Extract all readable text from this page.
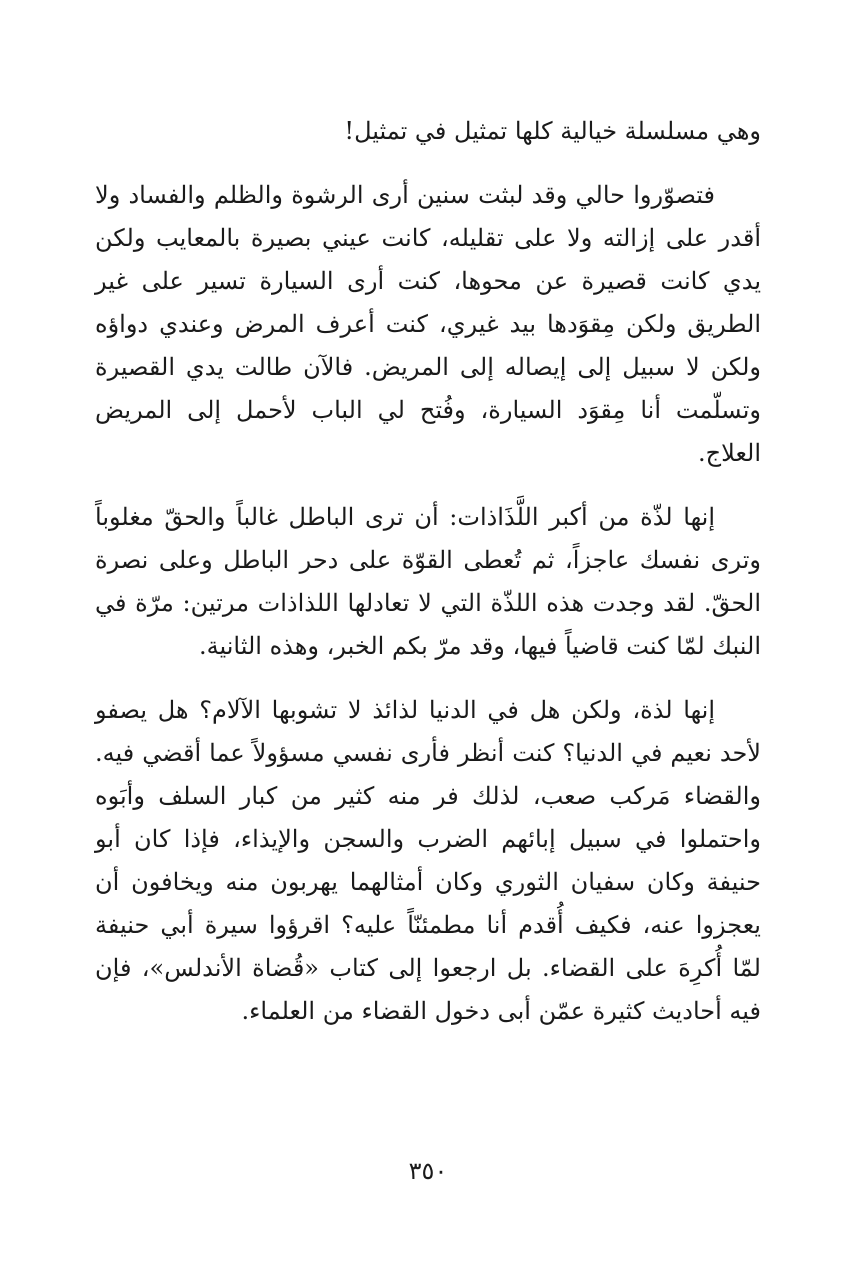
وهي مسلسلة خيالية كلها تمثيل في تمثيل!

فتصوّروا حالي وقد لبثت سنين أرى الرشوة والظلم والفساد ولا أقدر على إزالته ولا على تقليله، كانت عيني بصيرة بالمعايب ولكن يدي كانت قصيرة عن محوها، كنت أرى السيارة تسير على غير الطريق ولكن مِقوَدها بيد غيري، كنت أعرف المرض وعندي دواؤه ولكن لا سبيل إلى إيصاله إلى المريض. فالآن طالت يدي القصيرة وتسلّمت أنا مِقوَد السيارة، وفُتح لي الباب لأحمل إلى المريض العلاج.

إنها لذّة من أكبر اللَّذَاذات: أن ترى الباطل غالباً والحقّ مغلوباً وترى نفسك عاجزاً، ثم تُعطى القوّة على دحر الباطل وعلى نصرة الحقّ. لقد وجدت هذه اللذّة التي لا تعادلها اللذاذات مرتين: مرّة في النبك لمّا كنت قاضياً فيها، وقد مرّ بكم الخبر، وهذه الثانية.

إنها لذة، ولكن هل في الدنيا لذائذ لا تشوبها الآلام؟ هل يصفو لأحد نعيم في الدنيا؟ كنت أنظر فأرى نفسي مسؤولاً عما أقضي فيه. والقضاء مَركب صعب، لذلك فر منه كثير من كبار السلف وأبَوه واحتملوا في سبيل إبائهم الضرب والسجن والإيذاء، فإذا كان أبو حنيفة وكان سفيان الثوري وكان أمثالهما يهربون منه ويخافون أن يعجزوا عنه، فكيف أُقدم أنا مطمئنّاً عليه؟ اقرؤوا سيرة أبي حنيفة لمّا أُكرِهَ على القضاء. بل ارجعوا إلى كتاب «قُضاة الأندلس»، فإن فيه أحاديث كثيرة عمّن أبى دخول القضاء من العلماء.

٣٥٠
